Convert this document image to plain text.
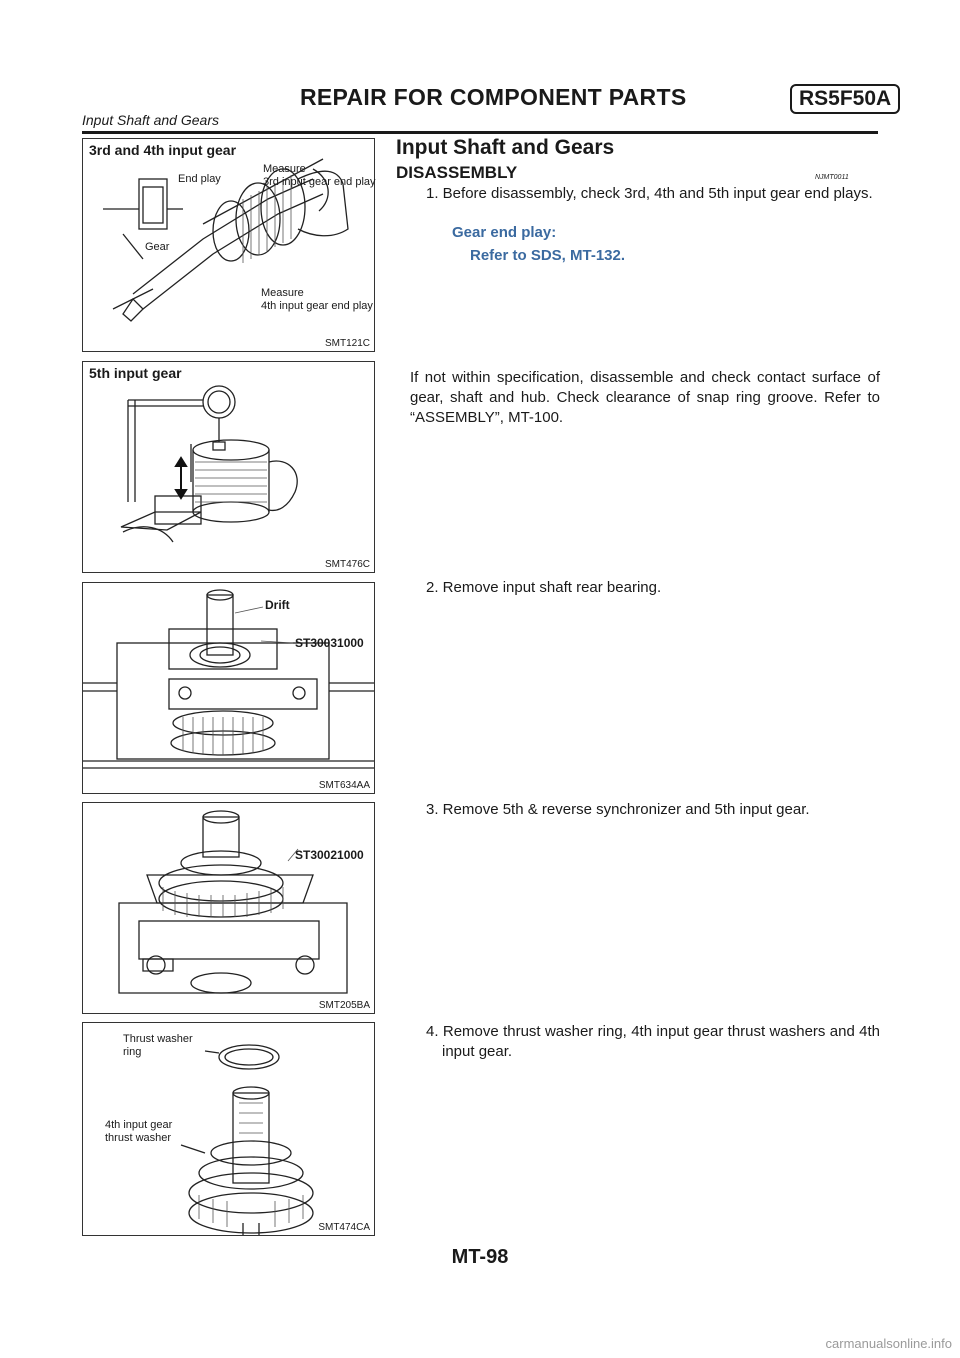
REPAIR FOR COMPONENT PARTS	RS5F50A
Input Shaft and Gears
3rd and 4th input gear
End play
Gear
Measure
3rd input gear end play
Measure
4th input gear end play
SMT121C
5th input gear
SMT476C
Drift
ST30031000
SMT634AA
ST30021000
SMT205BA
Thrust washer
ring
4th input gear
thrust washer
SMT474CA
Input Shaft and Gears
DISASSEMBLY	NJMT0011
1. Before disassembly, check 3rd, 4th and 5th input gear end plays.
Gear end play:
Refer to SDS, MT-132.
If not within specification, disassemble and check contact surface of gear, shaft and hub. Check clearance of snap ring groove. Refer to “ASSEMBLY”, MT-100.
2. Remove input shaft rear bearing.
3. Remove 5th & reverse synchronizer and 5th input gear.
4. Remove thrust washer ring, 4th input gear thrust washers and 4th input gear.
MT-98
carmanualsonline.info
